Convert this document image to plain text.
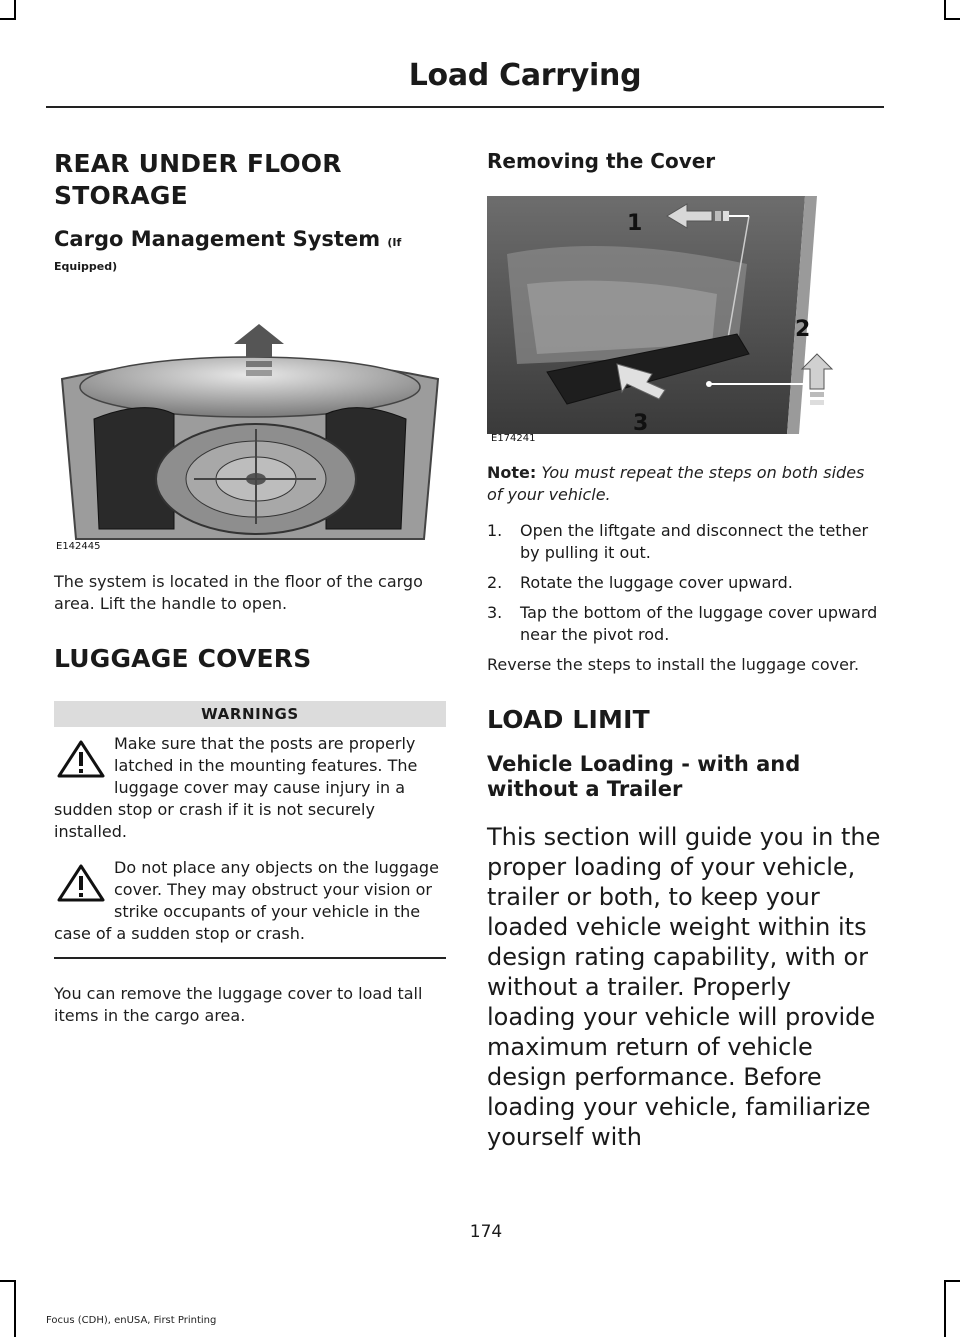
Load Carrying
REAR UNDER FLOOR
STORAGE
Cargo Management System (If
Equipped)
E142445

The system is located in the floor of the cargo area. Lift the handle to open.

LUGGAGE COVERS
WARNINGS
Make sure that the posts are properly latched in the mounting features. The luggage cover may cause injury in a sudden stop or crash if it is not securely installed.
Do not place any objects on the luggage cover. They may obstruct your vision or strike occupants of your vehicle in the case of a sudden stop or crash.

You can remove the luggage cover to load tall items in the cargo area.

Removing the Cover
1
2
3
E174241

Note: You must repeat the steps on both sides of your vehicle.

1. Open the liftgate and disconnect the tether by pulling it out.
2. Rotate the luggage cover upward.
3. Tap the bottom of the luggage cover upward near the pivot rod.

Reverse the steps to install the luggage cover.

LOAD LIMIT
Vehicle Loading - with and
without a Trailer

This section will guide you in the proper loading of your vehicle, trailer or both, to keep your loaded vehicle weight within its design rating capability, with or without a trailer. Properly loading your vehicle will provide maximum return of vehicle design performance. Before loading your vehicle, familiarize yourself with

174
Focus (CDH), enUSA, First Printing
